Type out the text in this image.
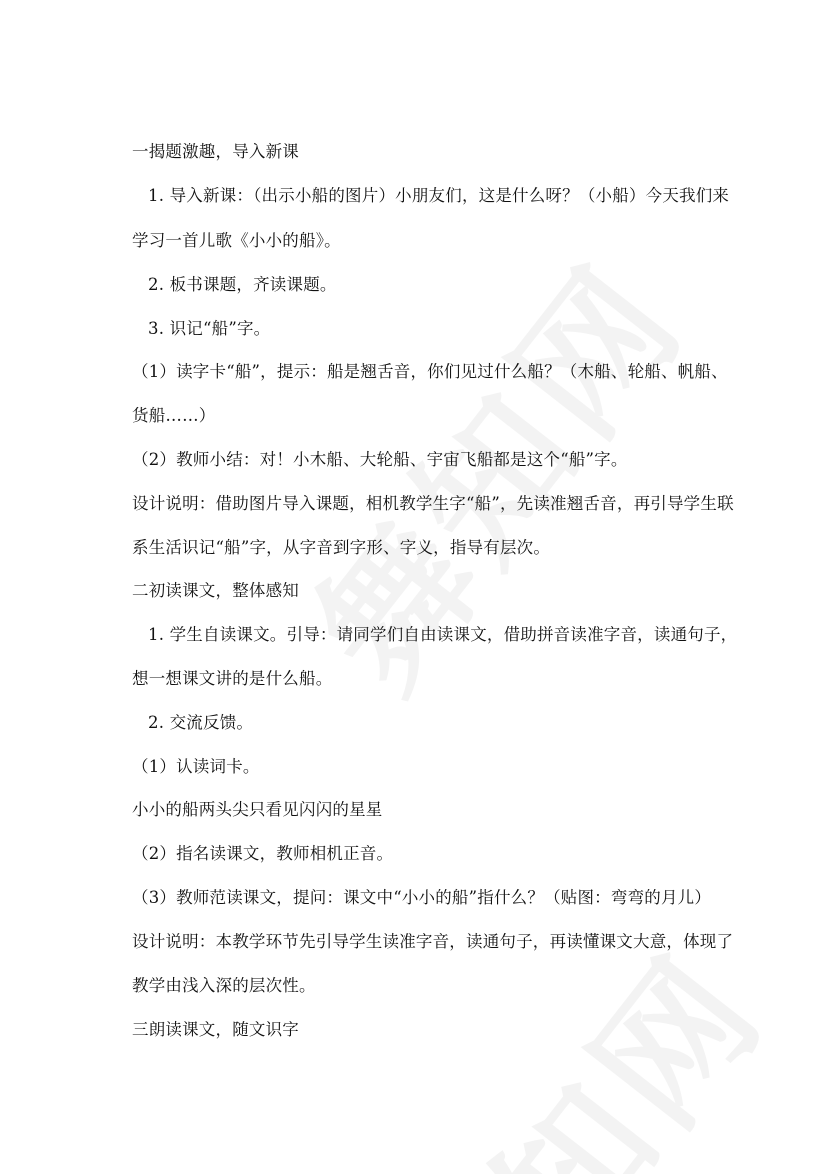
一揭题激趣，导入新课
1. 导入新课：（出示小船的图片）小朋友们，这是什么呀？（小船）今天我们来
学习一首儿歌《小小的船》。
2. 板书课题，齐读课题。
3. 识记“船”字。
（1）读字卡“船”，提示：船是翘舌音，你们见过什么船？（木船、轮船、帆船、
货船……）
（2）教师小结：对！小木船、大轮船、宇宙飞船都是这个“船”字。
设计说明：借助图片导入课题，相机教学生字“船”，先读准翘舌音，再引导学生联
系生活识记“船”字，从字音到字形、字义，指导有层次。
二初读课文，整体感知
1. 学生自读课文。引导：请同学们自由读课文，借助拼音读准字音，读通句子，
想一想课文讲的是什么船。
2. 交流反馈。
（1）认读词卡。
小小的船两头尖只看见闪闪的星星
（2）指名读课文，教师相机正音。
（3）教师范读课文，提问：课文中“小小的船”指什么？（贴图：弯弯的月儿）
设计说明：本教学环节先引导学生读准字音，读通句子，再读懂课文大意，体现了
教学由浅入深的层次性。
三朗读课文，随文识字
